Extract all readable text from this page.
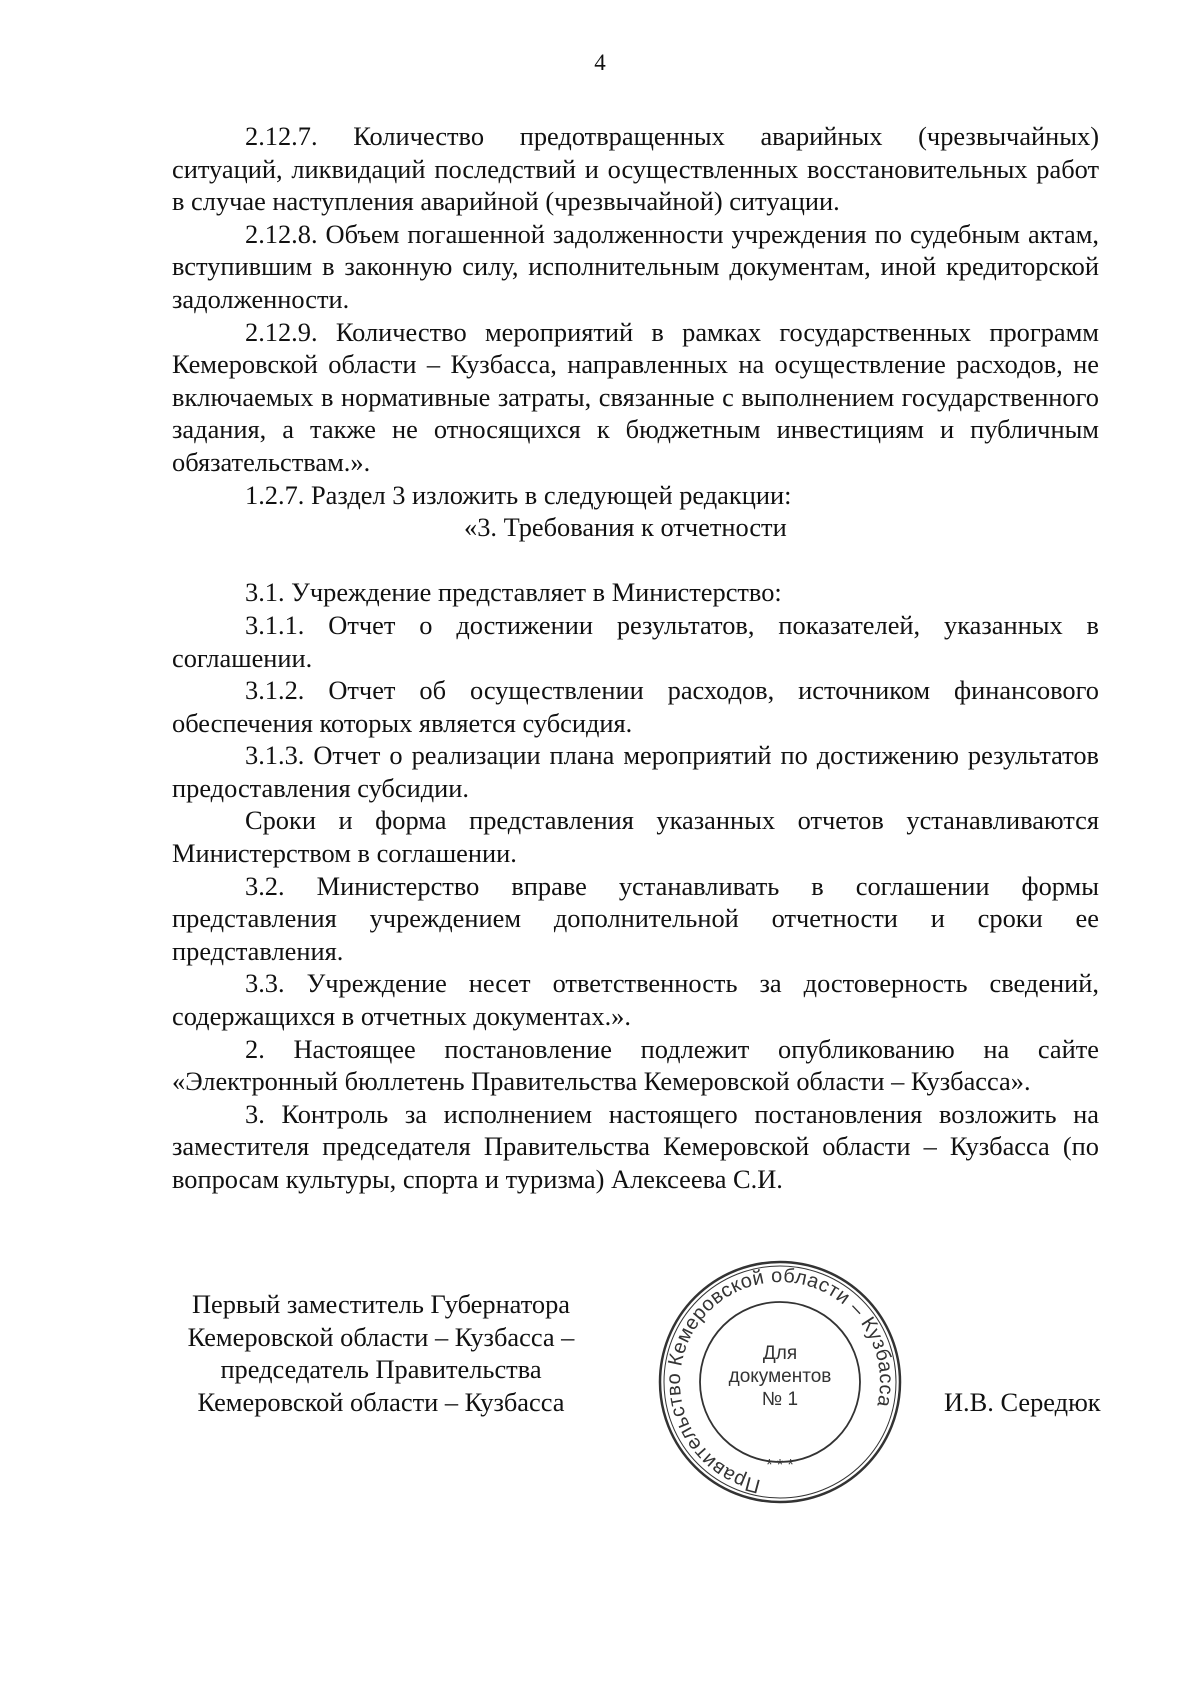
4

2.12.7. Количество предотвращенных аварийных (чрезвычайных) ситуаций, ликвидаций последствий и осуществленных восстановительных работ в случае наступления аварийной (чрезвычайной) ситуации.

2.12.8. Объем погашенной задолженности учреждения по судебным актам, вступившим в законную силу, исполнительным документам, иной кредиторской задолженности.

2.12.9. Количество мероприятий в рамках государственных программ Кемеровской области – Кузбасса, направленных на осуществление расходов, не включаемых в нормативные затраты, связанные с выполнением государственного задания, а также не относящихся к бюджетным инвестициям и публичным обязательствам.».

1.2.7. Раздел 3 изложить в следующей редакции:

«3. Требования к отчетности

3.1. Учреждение представляет в Министерство:

3.1.1. Отчет о достижении результатов, показателей, указанных в соглашении.

3.1.2. Отчет об осуществлении расходов, источником финансового обеспечения которых является субсидия.

3.1.3. Отчет о реализации плана мероприятий по достижению результатов предоставления субсидии.

Сроки и форма представления указанных отчетов устанавливаются Министерством в соглашении.

3.2. Министерство вправе устанавливать в соглашении формы представления учреждением дополнительной отчетности и сроки ее представления.

3.3. Учреждение несет ответственность за достоверность сведений, содержащихся в отчетных документах.».

2. Настоящее постановление подлежит опубликованию на сайте «Электронный бюллетень Правительства Кемеровской области – Кузбасса».

3. Контроль за исполнением настоящего постановления возложить на заместителя председателя Правительства Кемеровской области – Кузбасса (по вопросам культуры, спорта и туризма) Алексеева С.И.

Первый заместитель Губернатора
Кемеровской области – Кузбасса –
председатель Правительства
Кемеровской области – Кузбасса
Правительство Кемеровской области – Кузбасса
* * *
Для
документов
№ 1	И.В. Середюк
